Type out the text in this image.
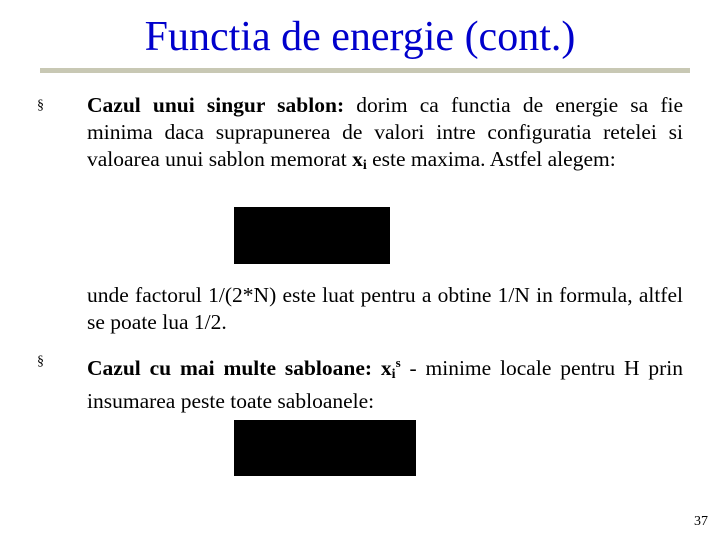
Functia de energie (cont.)
§ Cazul unui singur sablon: dorim ca functia de energie sa fie minima daca suprapunerea de valori intre configuratia retelei si valoarea unui sablon memorat $x_i$ este maxima. Astfel alegem:
unde factorul 1/(2*N) este luat pentru a obtine 1/N in formula, altfel se poate lua 1/2.
§ Cazul cu mai multe sabloane: $x_i^s$ - minime locale pentru H prin insumarea peste toate sabloanele:
37
